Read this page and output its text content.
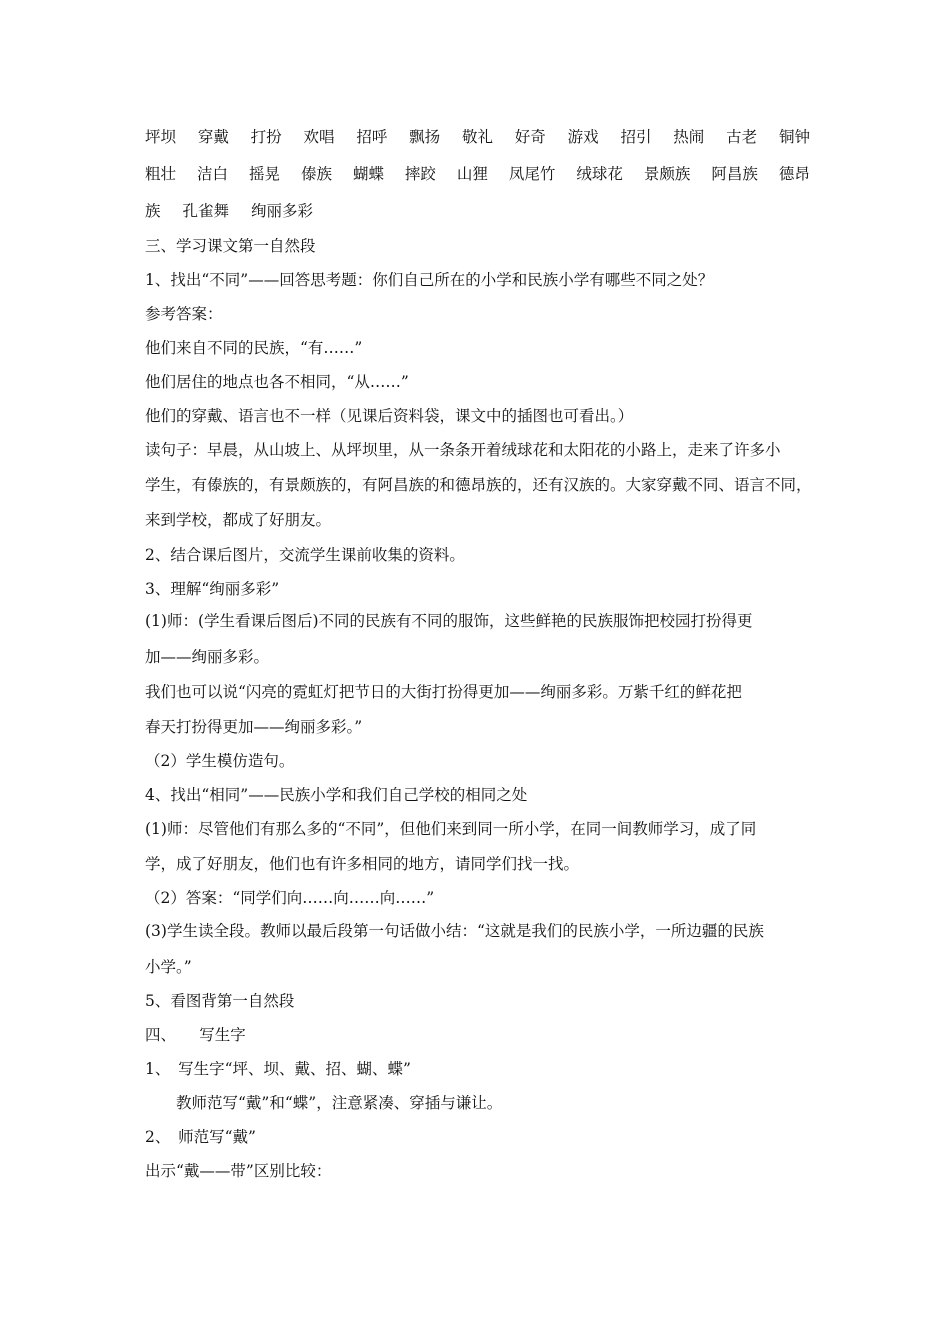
坪坝 穿戴 打扮 欢唱 招呼 飘扬 敬礼 好奇 游戏 招引 热闹 古老 铜钟
粗壮 洁白 摇晃 傣族 蝴蝶 摔跤 山狸 凤尾竹 绒球花 景颇族 阿昌族 德昂
族 孔雀舞 绚丽多彩
三、学习课文第一自然段
1、找出“不同”——回答思考题：你们自己所在的小学和民族小学有哪些不同之处？
参考答案：
他们来自不同的民族，“有……”
他们居住的地点也各不相同，“从……”
他们的穿戴、语言也不一样（见课后资料袋，课文中的插图也可看出。）
读句子：早晨，从山坡上、从坪坝里，从一条条开着绒球花和太阳花的小路上，走来了许多小
学生，有傣族的，有景颇族的，有阿昌族的和德昂族的，还有汉族的。大家穿戴不同、语言不同，
来到学校，都成了好朋友。
2、结合课后图片，交流学生课前收集的资料。
3、理解“绚丽多彩”
(1)师：(学生看课后图后)不同的民族有不同的服饰，这些鲜艳的民族服饰把校园打扮得更
加——绚丽多彩。
我们也可以说“闪亮的霓虹灯把节日的大街打扮得更加——绚丽多彩。万紫千红的鲜花把
春天打扮得更加——绚丽多彩。”
（2）学生模仿造句。
4、找出“相同”——民族小学和我们自己学校的相同之处
(1)师：尽管他们有那么多的“不同”，但他们来到同一所小学，在同一间教师学习，成了同
学，成了好朋友，他们也有许多相同的地方，请同学们找一找。
（2）答案：“同学们向……向……向……”
(3)学生读全段。教师以最后段第一句话做小结：“这就是我们的民族小学，一所边疆的民族
小学。”
5、看图背第一自然段
四、　　写生字
1、　写生字“坪、坝、戴、招、蝴、蝶”
教师范写“戴”和“蝶”，注意紧凑、穿插与谦让。
2、　师范写“戴”
出示“戴——带”区别比较：
